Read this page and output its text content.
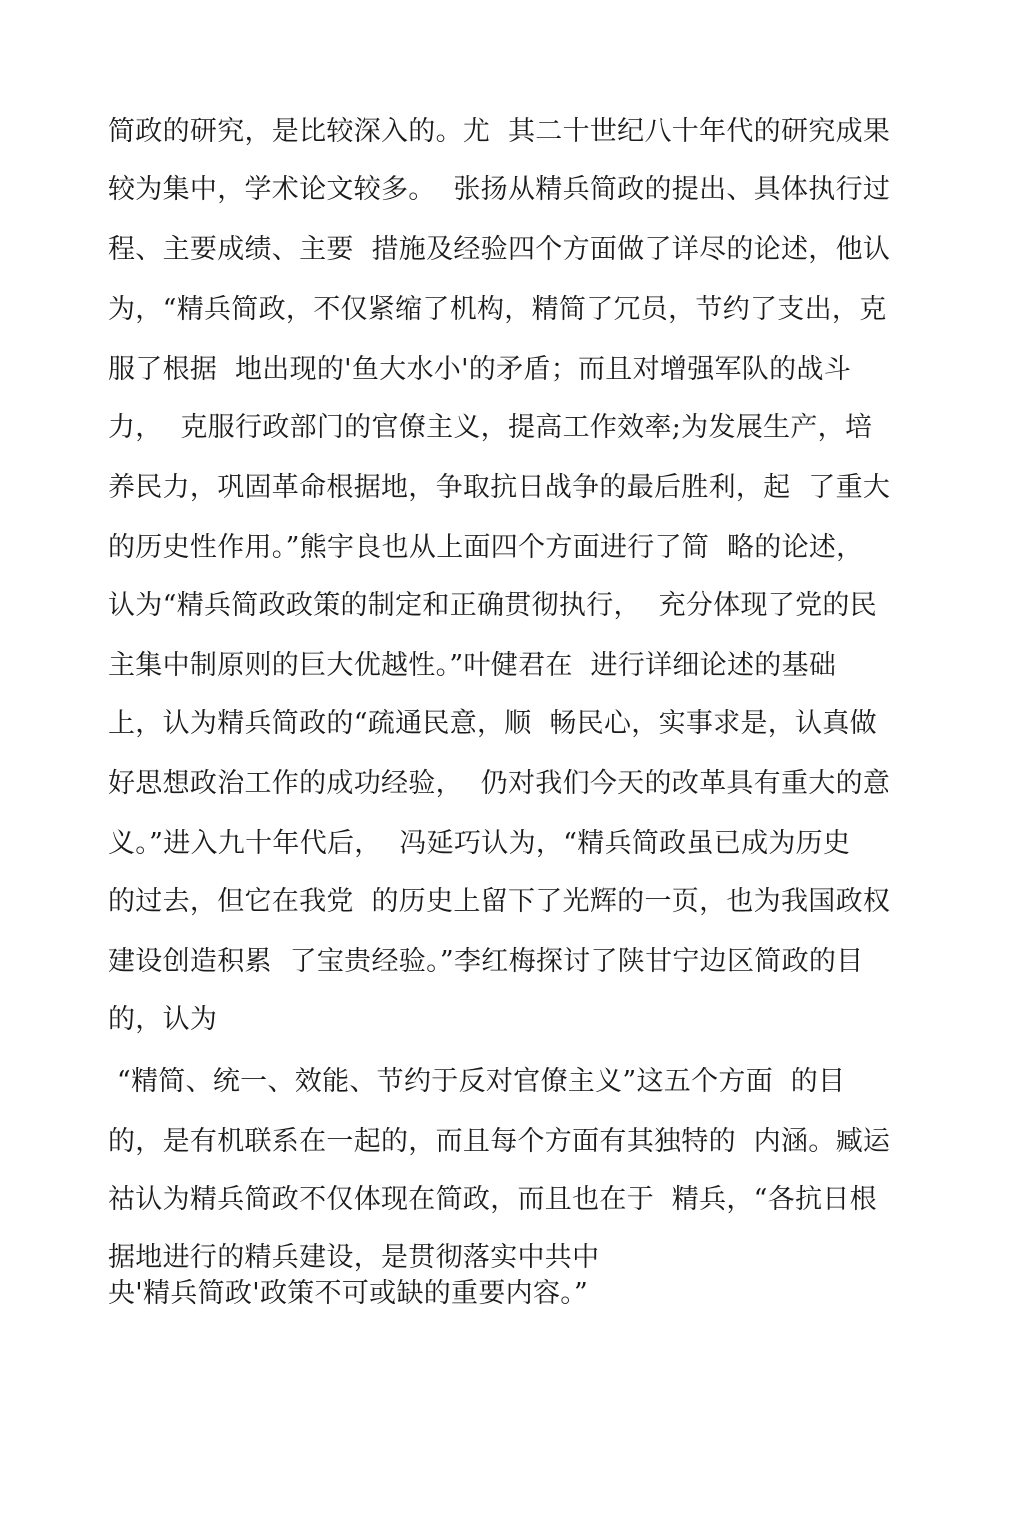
简政的研究，是比较深入的。尤  其二十世纪八十年代的研究成果
较为集中，学术论文较多。  张扬从精兵简政的提出、具体执行过
程、主要成绩、主要  措施及经验四个方面做了详尽的论述，他认
为，“精兵简政，不仅紧缩了机构，精简了冗员，节约了支出，克
服了根据  地出现的'鱼大水小'的矛盾；而且对增强军队的战斗
力，  克服行政部门的官僚主义，提高工作效率;为发展生产，培
养民力，巩固革命根据地，争取抗日战争的最后胜利，起  了重大
的历史性作用。”熊宇良也从上面四个方面进行了简  略的论述，
认为“精兵简政政策的制定和正确贯彻执行，  充分体现了党的民
主集中制原则的巨大优越性。”叶健君在  进行详细论述的基础
上，认为精兵简政的“疏通民意，顺  畅民心，实事求是，认真做
好思想政治工作的成功经验，  仍对我们今天的改革具有重大的意
义。”进入九十年代后，  冯延巧认为，“精兵简政虽已成为历史
的过去，但它在我党  的历史上留下了光辉的一页，也为我国政权
建设创造积累  了宝贵经验。”李红梅探讨了陕甘宁边区简政的目
的，认为
“精简、统一、效能、节约于反对官僚主义”这五个方面  的目
的，是有机联系在一起的，而且每个方面有其独特的  内涵。臧运
祜认为精兵简政不仅体现在简政，而且也在于  精兵，“各抗日根
据地进行的精兵建设，是贯彻落实中共中
央'精兵简政'政策不可或缺的重要内容。”
